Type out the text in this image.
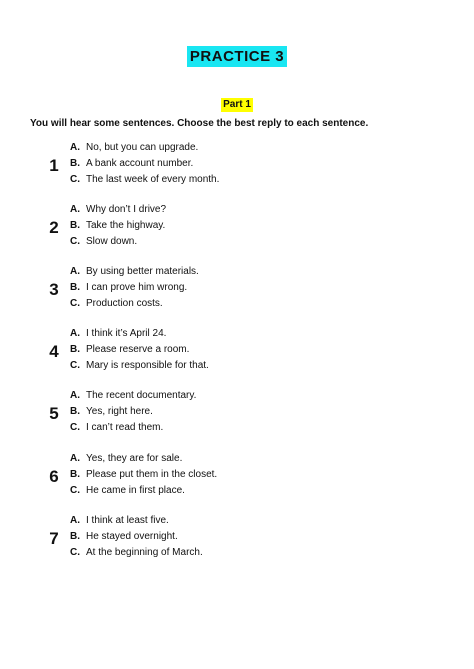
PRACTICE 3
Part 1
You will hear some sentences. Choose the best reply to each sentence.
1
A. No, but you can upgrade.
B. A bank account number.
C. The last week of every month.
2
A. Why don’t I drive?
B. Take the highway.
C. Slow down.
3
A. By using better materials.
B. I can prove him wrong.
C. Production costs.
4
A. I think it’s April 24.
B. Please reserve a room.
C. Mary is responsible for that.
5
A. The recent documentary.
B. Yes, right here.
C. I can’t read them.
6
A. Yes, they are for sale.
B. Please put them in the closet.
C. He came in first place.
7
A. I think at least five.
B. He stayed overnight.
C. At the beginning of March.
